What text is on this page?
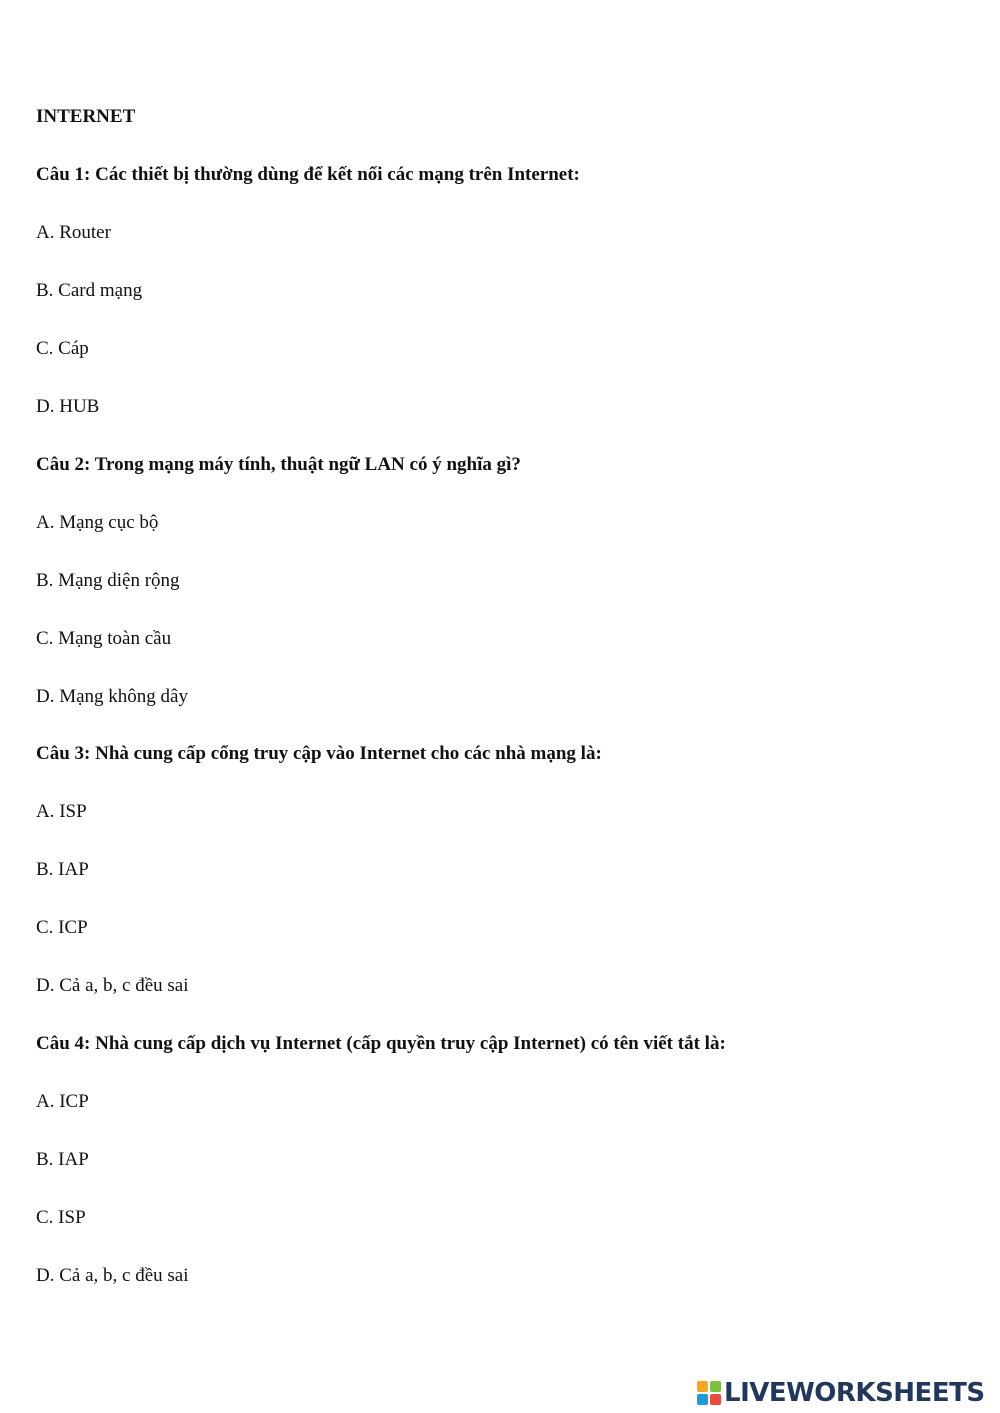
INTERNET
Câu 1: Các thiết bị thường dùng để kết nối các mạng trên Internet:
A. Router
B. Card mạng
C. Cáp
D. HUB
Câu 2: Trong mạng máy tính, thuật ngữ LAN có ý nghĩa gì?
A. Mạng cục bộ
B. Mạng diện rộng
C. Mạng toàn cầu
D. Mạng không dây
Câu 3: Nhà cung cấp cổng truy cập vào Internet cho các nhà mạng là:
A. ISP
B. IAP
C. ICP
D. Cả a, b, c đều sai
Câu 4: Nhà cung cấp dịch vụ Internet (cấp quyền truy cập Internet) có tên viết tắt là:
A. ICP
B. IAP
C. ISP
D. Cả a, b, c đều sai
LIVEWORKSHEETS
